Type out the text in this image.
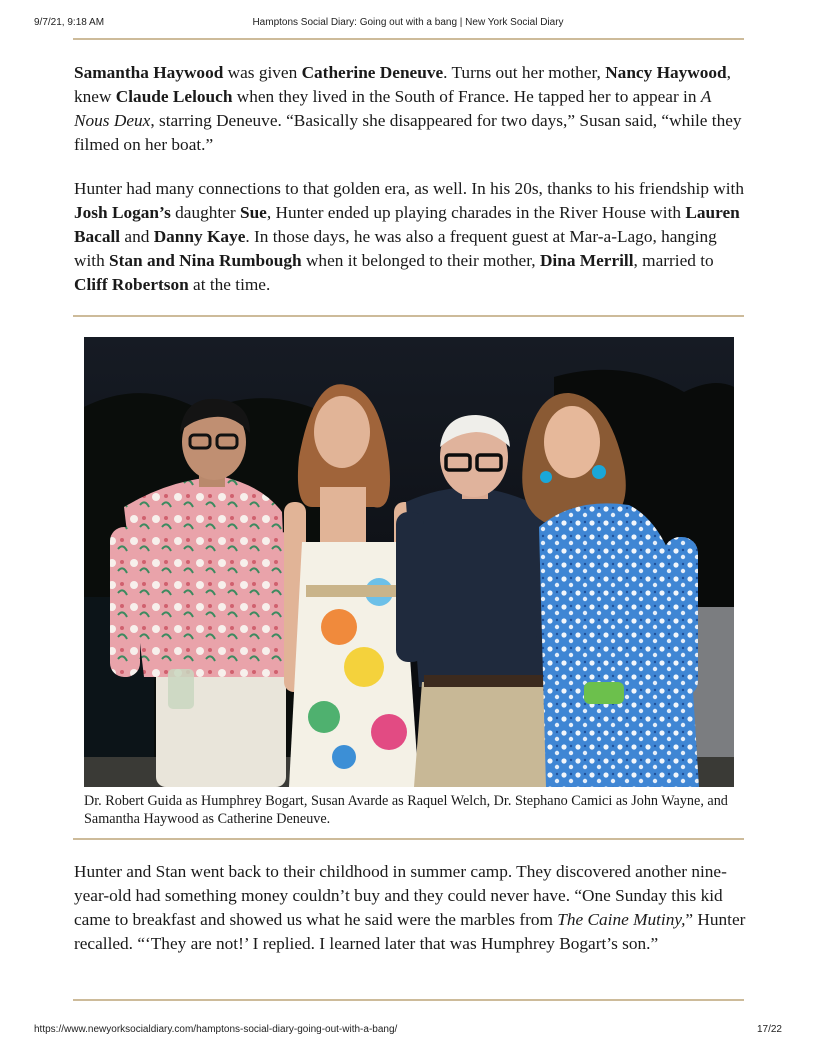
9/7/21, 9:18 AM	Hamptons Social Diary: Going out with a bang | New York Social Diary

Samantha Haywood was given Catherine Deneuve. Turns out her mother, Nancy Haywood, knew Claude Lelouch when they lived in the South of France. He tapped her to appear in A Nous Deux, starring Deneuve. “Basically she disappeared for two days,” Susan said, “while they filmed on her boat.”

Hunter had many connections to that golden era, as well. In his 20s, thanks to his friendship with Josh Logan’s daughter Sue, Hunter ended up playing charades in the River House with Lauren Bacall and Danny Kaye. In those days, he was also a frequent guest at Mar-a-Lago, hanging with Stan and Nina Rumbough when it belonged to their mother, Dina Merrill, married to Cliff Robertson at the time.

Dr. Robert Guida as Humphrey Bogart, Susan Avarde as Raquel Welch, Dr. Stephano Camici as John Wayne, and Samantha Haywood as Catherine Deneuve.

Hunter and Stan went back to their childhood in summer camp. They discovered another nine-year-old had something money couldn’t buy and they could never have. “One Sunday this kid came to breakfast and showed us what he said were the marbles from The Caine Mutiny,” Hunter recalled. “‘They are not!’ I replied. I learned later that was Humphrey Bogart’s son.”

https://www.newyorksocialdiary.com/hamptons-social-diary-going-out-with-a-bang/	17/22
